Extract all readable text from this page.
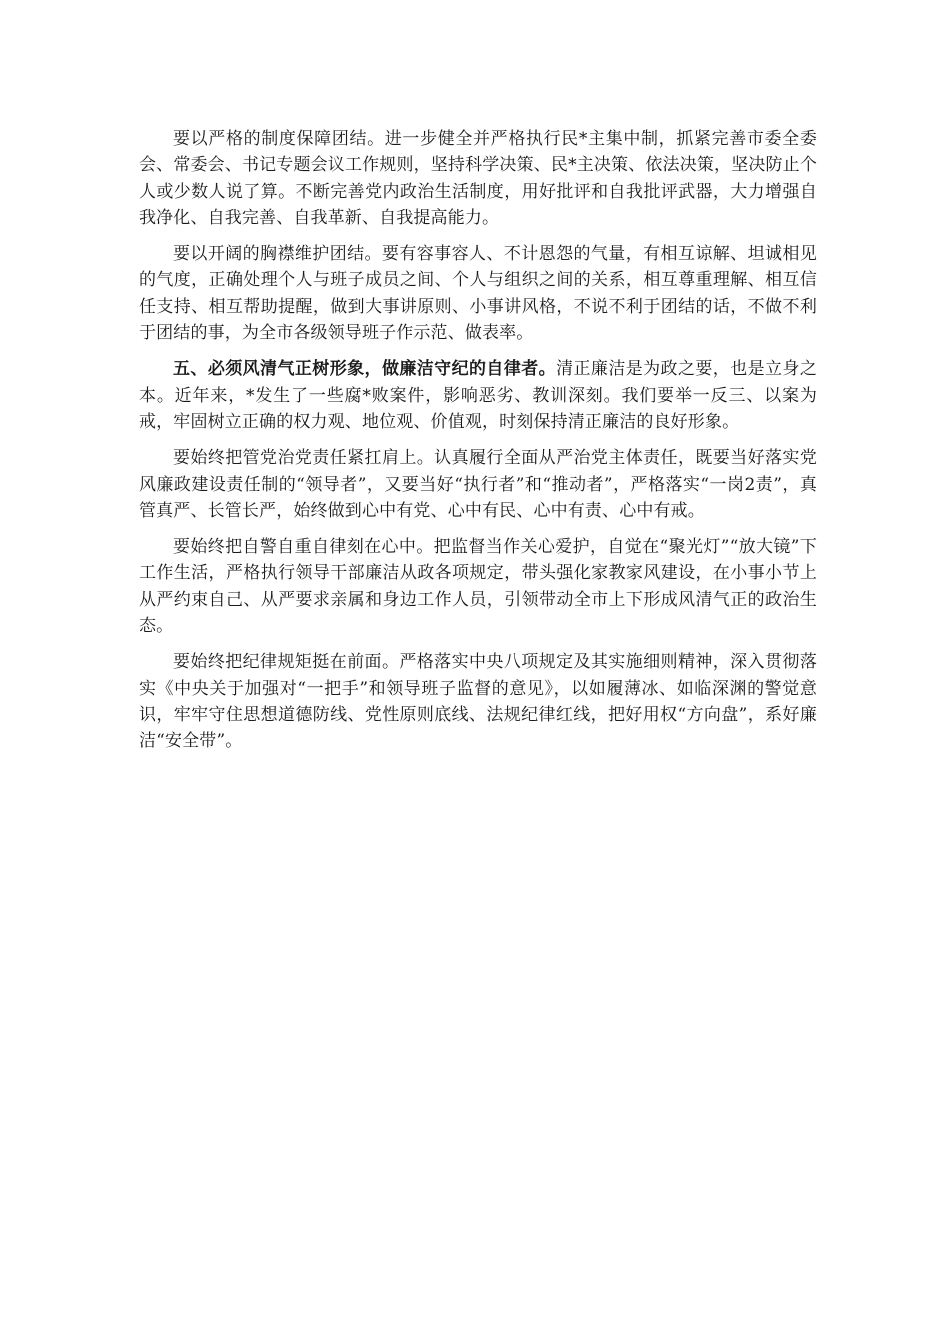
要以严格的制度保障团结。进一步健全并严格执行民*主集中制，抓紧完善市委全委会、常委会、书记专题会议工作规则，坚持科学决策、民*主决策、依法决策，坚决防止个人或少数人说了算。不断完善党内政治生活制度，用好批评和自我批评武器，大力增强自我净化、自我完善、自我革新、自我提高能力。

要以开阔的胸襟维护团结。要有容事容人、不计恩怨的气量，有相互谅解、坦诚相见的气度，正确处理个人与班子成员之间、个人与组织之间的关系，相互尊重理解、相互信任支持、相互帮助提醒，做到大事讲原则、小事讲风格，不说不利于团结的话，不做不利于团结的事，为全市各级领导班子作示范、做表率。

五、必须风清气正树形象，做廉洁守纪的自律者。清正廉洁是为政之要，也是立身之本。近年来，*发生了一些腐*败案件，影响恶劣、教训深刻。我们要举一反三、以案为戒，牢固树立正确的权力观、地位观、价值观，时刻保持清正廉洁的良好形象。

要始终把管党治党责任紧扛肩上。认真履行全面从严治党主体责任，既要当好落实党风廉政建设责任制的“领导者”，又要当好“执行者”和“推动者”，严格落实“一岗2责”，真管真严、长管长严，始终做到心中有党、心中有民、心中有责、心中有戒。

要始终把自警自重自律刻在心中。把监督当作关心爱护，自觉在“聚光灯”“放大镜”下工作生活，严格执行领导干部廉洁从政各项规定，带头强化家教家风建设，在小事小节上从严约束自己、从严要求亲属和身边工作人员，引领带动全市上下形成风清气正的政治生态。

要始终把纪律规矩挺在前面。严格落实中央八项规定及其实施细则精神，深入贯彻落实《中央关于加强对“一把手”和领导班子监督的意见》，以如履薄冰、如临深渊的警觉意识，牢牢守住思想道德防线、党性原则底线、法规纪律红线，把好用权“方向盘”，系好廉洁“安全带”。
